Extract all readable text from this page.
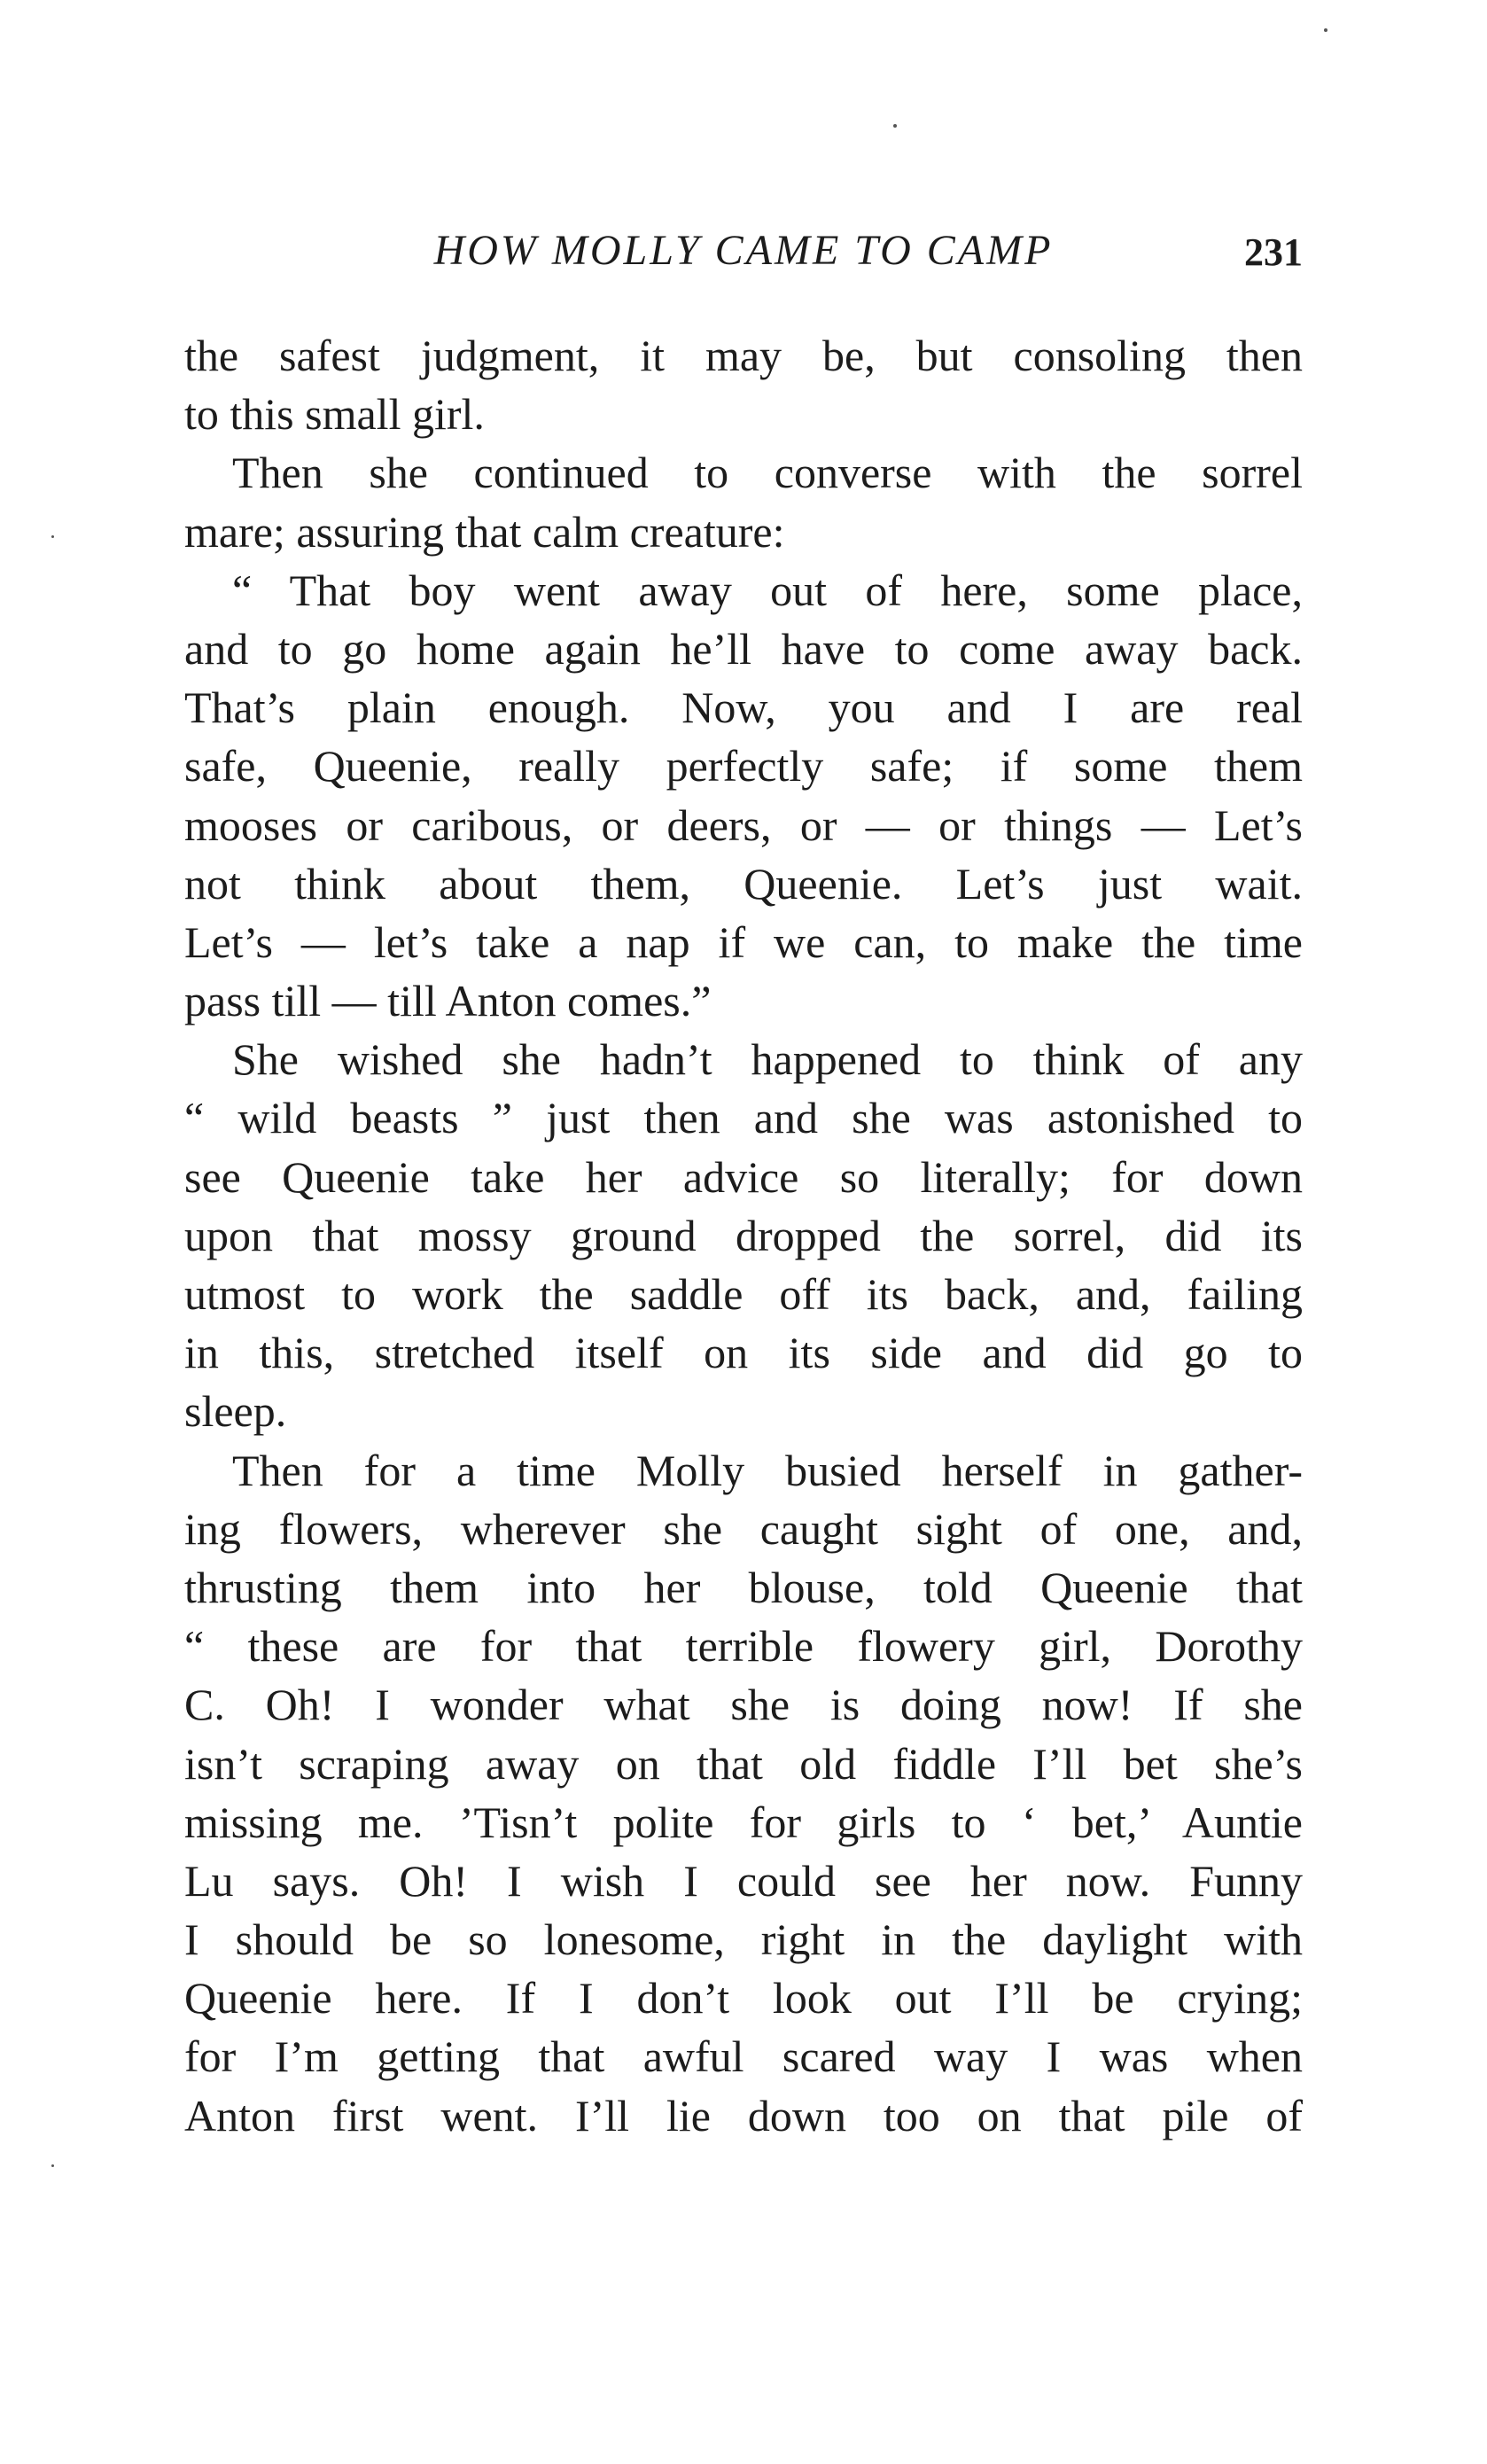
HOW MOLLY CAME TO CAMP	231
the safest judgment, it may be, but consoling then
to this small girl.
Then she continued to converse with the sorrel
mare; assuring that calm creature:
“ That boy went away out of here, some place,
and to go home again he’ll have to come away back.
That’s plain enough. Now, you and I are real
safe, Queenie, really perfectly safe; if some them
mooses or caribous, or deers, or — or things — Let’s
not think about them, Queenie. Let’s just wait.
Let’s — let’s take a nap if we can, to make the time
pass till — till Anton comes.”
She wished she hadn’t happened to think of any
“ wild beasts ” just then and she was astonished to
see Queenie take her advice so literally; for down
upon that mossy ground dropped the sorrel, did its
utmost to work the saddle off its back, and, failing
in this, stretched itself on its side and did go to
sleep.
Then for a time Molly busied herself in gather-
ing flowers, wherever she caught sight of one, and,
thrusting them into her blouse, told Queenie that
“ these are for that terrible flowery girl, Dorothy
C. Oh! I wonder what she is doing now! If she
isn’t scraping away on that old fiddle I’ll bet she’s
missing me. ’Tisn’t polite for girls to ‘ bet,’ Auntie
Lu says. Oh! I wish I could see her now. Funny
I should be so lonesome, right in the daylight with
Queenie here. If I don’t look out I’ll be crying;
for I’m getting that awful scared way I was when
Anton first went. I’ll lie down too on that pile of
